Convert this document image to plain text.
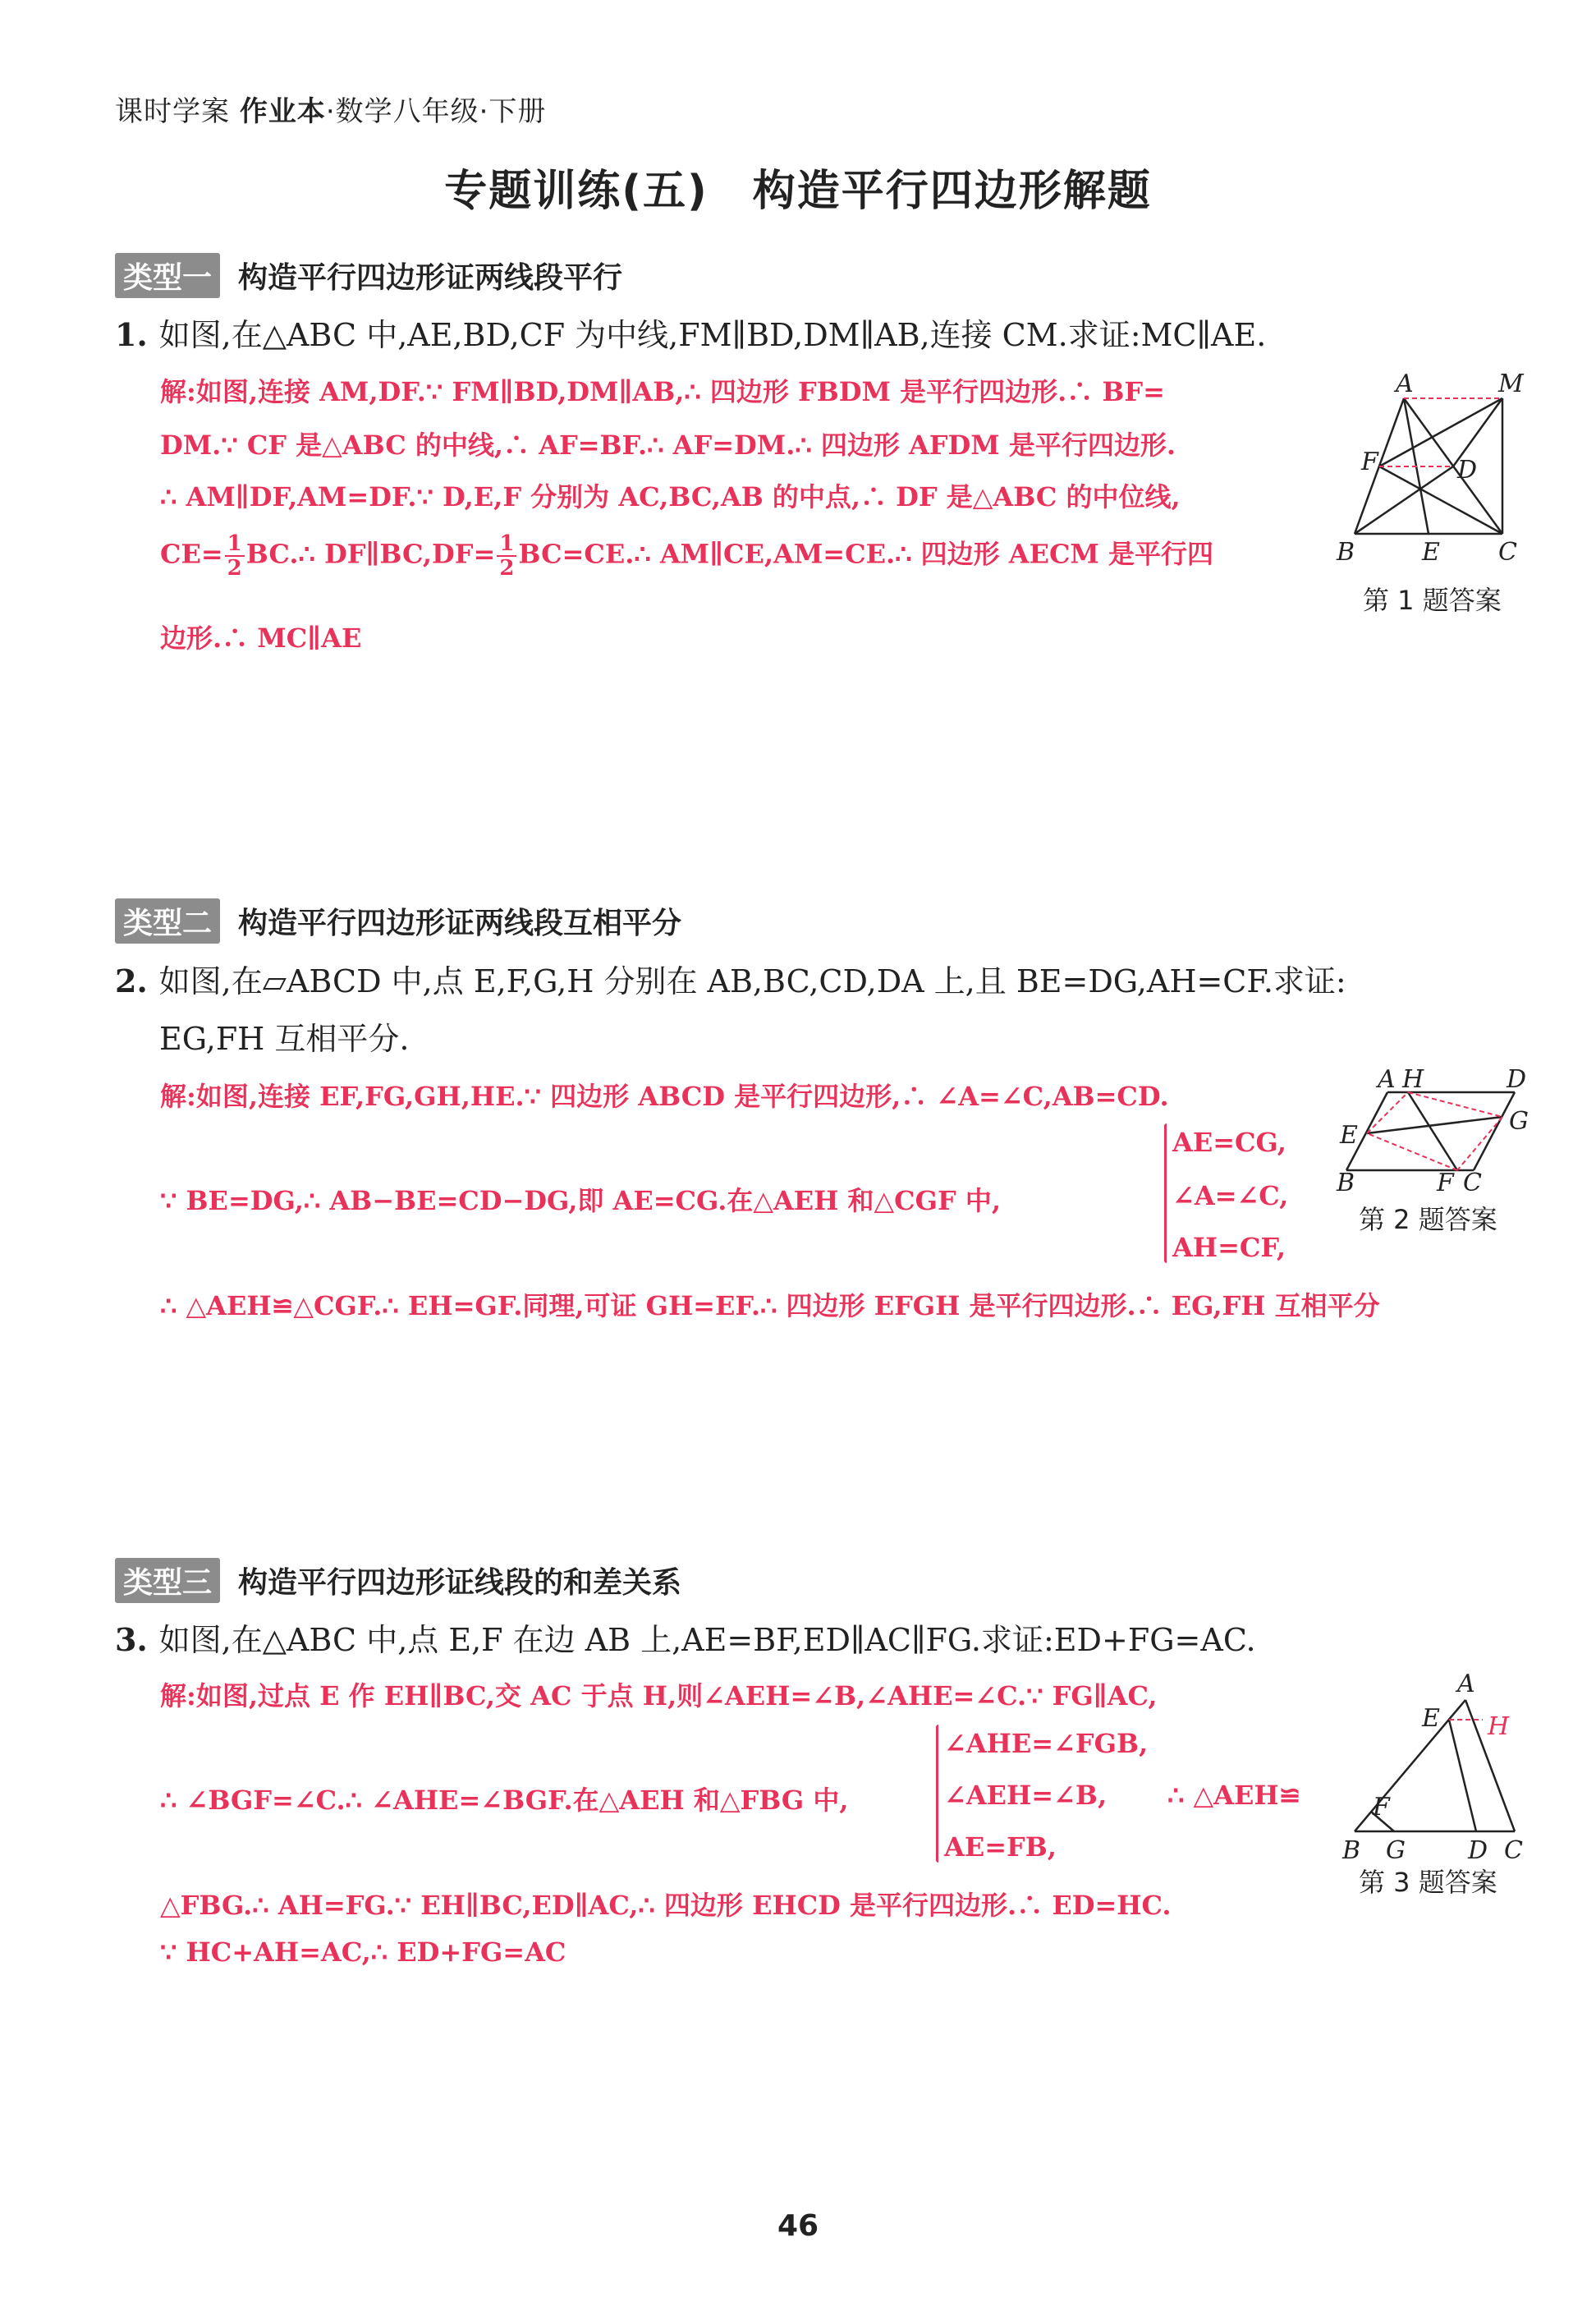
课时学案 作业本·数学八年级·下册
专题训练(五)　构造平行四边形解题
类型一 构造平行四边形证两线段平行
1. 如图,在△ABC 中,AE,BD,CF 为中线,FM∥BD,DM∥AB,连接 CM.求证:MC∥AE.
解:如图,连接 AM,DF.∵ FM∥BD,DM∥AB,∴ 四边形 FBDM 是平行四边形.∴ BF=
DM.∵ CF 是△ABC 的中线,∴ AF=BF.∴ AF=DM.∴ 四边形 AFDM 是平行四边形.
∴ AM∥DF,AM=DF.∵ D,E,F 分别为 AC,BC,AB 的中点,∴ DF 是△ABC 的中位线,
$CE= \frac{1}{2}$ BC.∴ DF∥BC,DF= $\frac{1}{2}$ BC=CE.∴ AM∥CE,AM=CE.∴ 四边形 AECM 是平行四
边形.∴ MC∥AE
A	M
F	D
B	E C
第 1 题答案
类型二 构造平行四边形证两线段互相平分
2. 如图,在▱ABCD 中,点 E,F,G,H 分别在 AB,BC,CD,DA 上,且 BE=DG,AH=CF.求证:
EG,FH 互相平分.
解:如图,连接 EF,FG,GH,HE.∵ 四边形 ABCD 是平行四边形,∴ ∠A=∠C,AB=CD.
∵ BE=DG,∴ AB−BE=CD−DG,即 AE=CG.在△AEH 和△CGF 中,
AE=CG,
∠A=∠C,
AH=CF,
∴ △AEH≌△CGF.∴ EH=GF.同理,可证 GH=EF.∴ 四边形 EFGH 是平行四边形.∴ EG,FH 互相平分
A H	D
E	G
B	F C
第 2 题答案
类型三 构造平行四边形证线段的和差关系
3. 如图,在△ABC 中,点 E,F 在边 AB 上,AE=BF,ED∥AC∥FG.求证:ED+FG=AC.
解:如图,过点 E 作 EH∥BC,交 AC 于点 H,则∠AEH=∠B,∠AHE=∠C.∵ FG∥AC,
∴ ∠BGF=∠C.∴ ∠AHE=∠BGF.在△AEH 和△FBG 中,
∠AHE=∠FGB,
∠AEH=∠B,
AE=FB,
∴ △AEH≌
△FBG.∴ AH=FG.∵ EH∥BC,ED∥AC,∴ 四边形 EHCD 是平行四边形.∴ ED=HC.
∵ HC+AH=AC,∴ ED+FG=AC
A
E H
F
B G	D C
第 3 题答案
46
